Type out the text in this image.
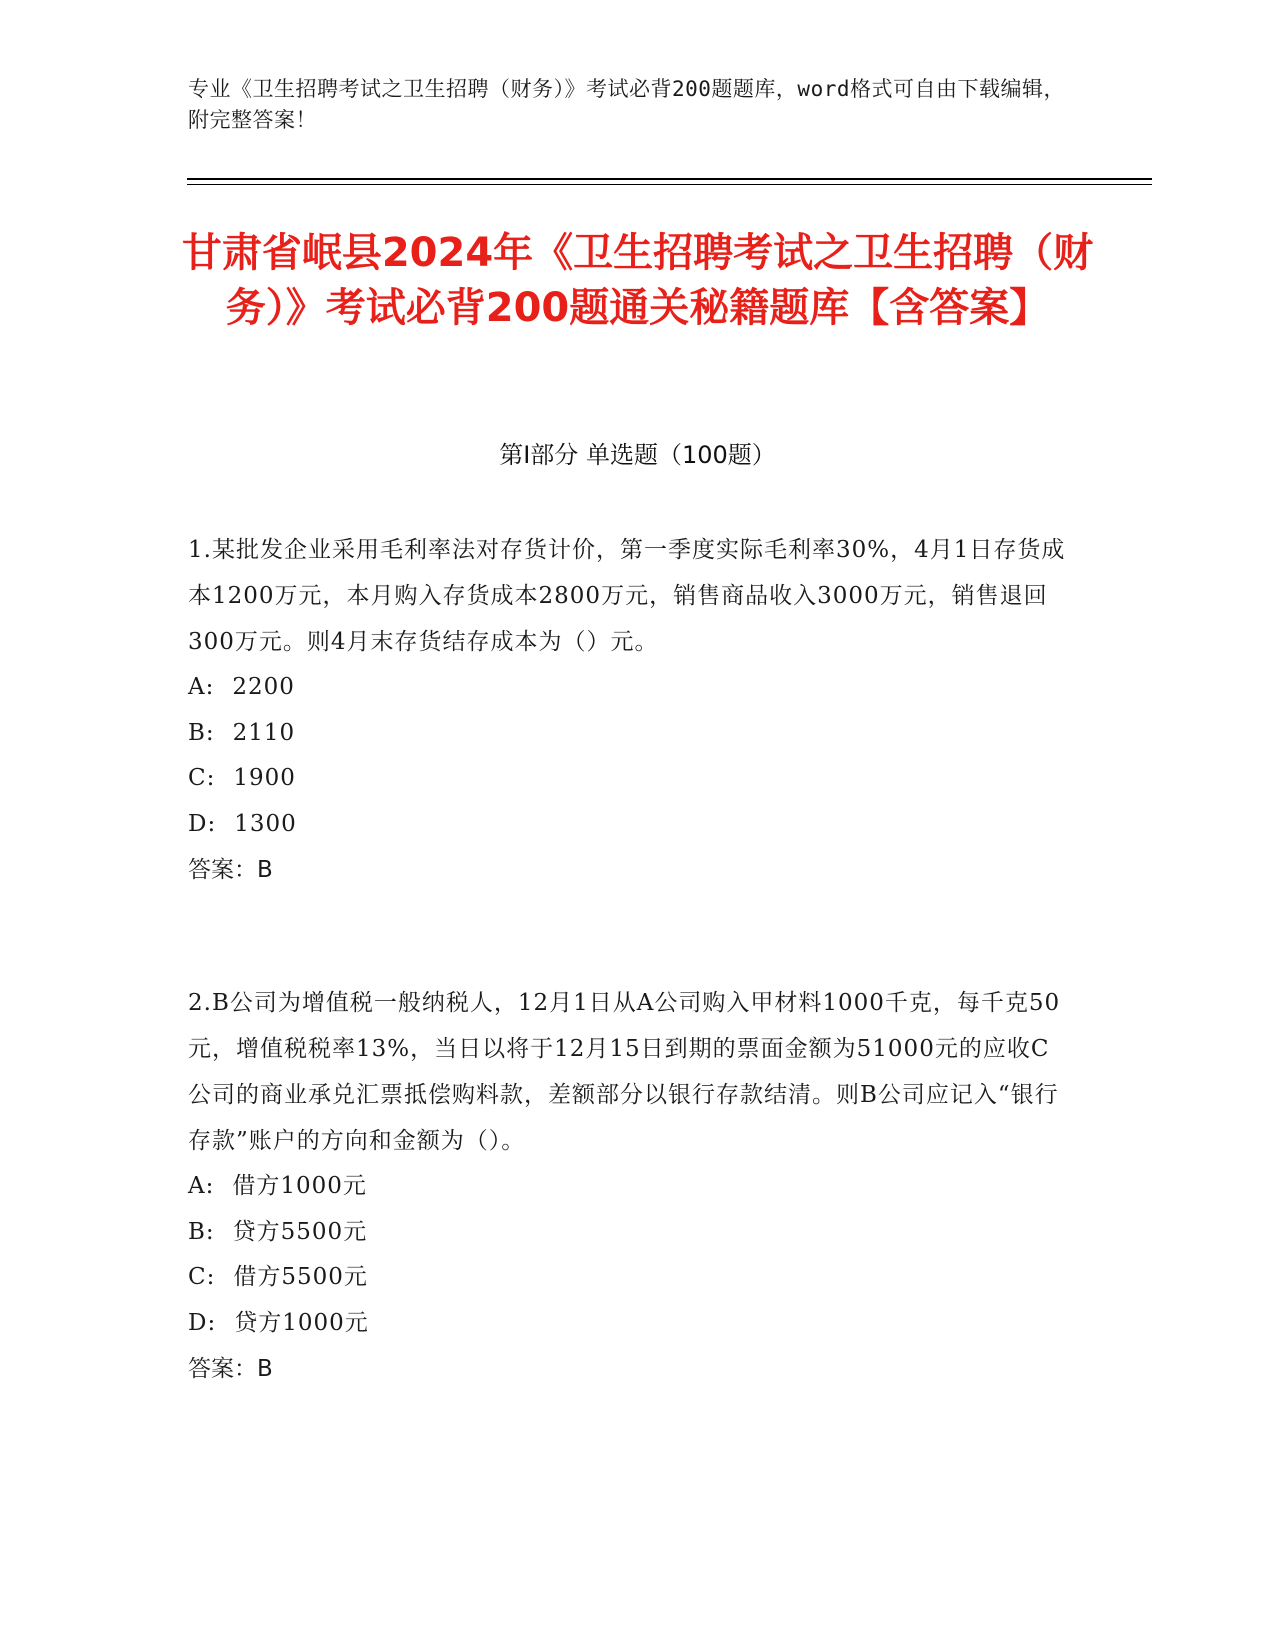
专业《卫生招聘考试之卫生招聘（财务）》考试必背200题题库，word格式可自由下载编辑，附完整答案！
甘肃省岷县2024年《卫生招聘考试之卫生招聘（财务）》考试必背200题通关秘籍题库【含答案】
第Ⅰ部分 单选题（100题）

1.某批发企业采用毛利率法对存货计价，第一季度实际毛利率30%，4月1日存货成本1200万元，本月购入存货成本2800万元，销售商品收入3000万元，销售退回300万元。则4月末存货结存成本为（）元。

A: 2200

B: 2110

C: 1900

D: 1300

答案：B

2.B公司为增值税一般纳税人，12月1日从A公司购入甲材料1000千克，每千克50元，增值税税率13%，当日以将于12月15日到期的票面金额为51000元的应收C公司的商业承兑汇票抵偿购料款，差额部分以银行存款结清。则B公司应记入“银行存款”账户的方向和金额为（）。

A: 借方1000元

B: 贷方5500元

C: 借方5500元

D: 贷方1000元

答案：B
